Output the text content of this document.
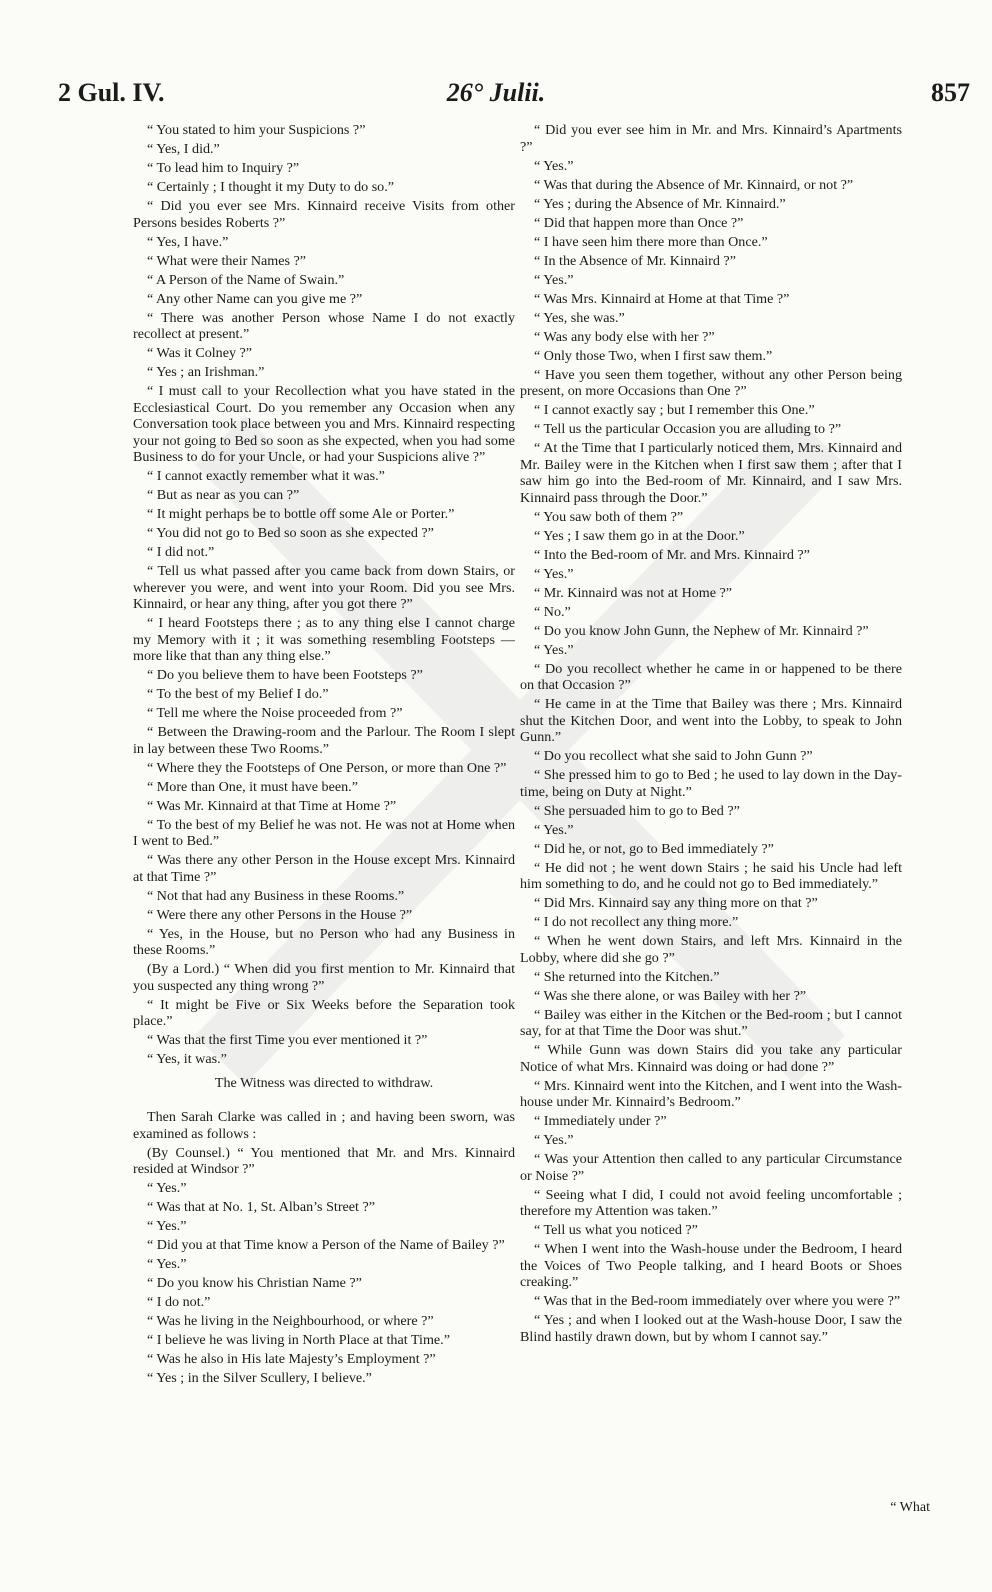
2 Gul. IV.	26° Julii.	857

“ You stated to him your Suspicions ?”

“ Yes, I did.”

“ To lead him to Inquiry ?”

“ Certainly ; I thought it my Duty to do so.”

“ Did you ever see Mrs. Kinnaird receive Visits from other Persons besides Roberts ?”

“ Yes, I have.”

“ What were their Names ?”

“ A Person of the Name of Swain.”

“ Any other Name can you give me ?”

“ There was another Person whose Name I do not exactly recollect at present.”

“ Was it Colney ?”

“ Yes ; an Irishman.”

“ I must call to your Recollection what you have stated in the Ecclesiastical Court. Do you remember any Occasion when any Conversation took place between you and Mrs. Kinnaird respecting your not going to Bed so soon as she expected, when you had some Business to do for your Uncle, or had your Suspicions alive ?”

“ I cannot exactly remember what it was.”

“ But as near as you can ?”

“ It might perhaps be to bottle off some Ale or Porter.”

“ You did not go to Bed so soon as she expected ?”

“ I did not.”

“ Tell us what passed after you came back from down Stairs, or wherever you were, and went into your Room. Did you see Mrs. Kinnaird, or hear any thing, after you got there ?”

“ I heard Footsteps there ; as to any thing else I cannot charge my Memory with it ; it was something resembling Footsteps — more like that than any thing else.”

“ Do you believe them to have been Footsteps ?”

“ To the best of my Belief I do.”

“ Tell me where the Noise proceeded from ?”

“ Between the Drawing-room and the Parlour. The Room I slept in lay between these Two Rooms.”

“ Where they the Footsteps of One Person, or more than One ?”

“ More than One, it must have been.”

“ Was Mr. Kinnaird at that Time at Home ?”

“ To the best of my Belief he was not. He was not at Home when I went to Bed.”

“ Was there any other Person in the House except Mrs. Kinnaird at that Time ?”

“ Not that had any Business in these Rooms.”

“ Were there any other Persons in the House ?”

“ Yes, in the House, but no Person who had any Business in these Rooms.”

(By a Lord.) “ When did you first mention to Mr. Kinnaird that you suspected any thing wrong ?”

“ It might be Five or Six Weeks before the Separation took place.”

“ Was that the first Time you ever mentioned it ?”

“ Yes, it was.”

The Witness was directed to withdraw.

Then Sarah Clarke was called in ; and having been sworn, was examined as follows :

(By Counsel.) “ You mentioned that Mr. and Mrs. Kinnaird resided at Windsor ?”

“ Yes.”

“ Was that at No. 1, St. Alban’s Street ?”

“ Yes.”

“ Did you at that Time know a Person of the Name of Bailey ?”

“ Yes.”

“ Do you know his Christian Name ?”

“ I do not.”

“ Was he living in the Neighbourhood, or where ?”

“ I believe he was living in North Place at that Time.”

“ Was he also in His late Majesty’s Employment ?”

“ Yes ; in the Silver Scullery, I believe.”

“ Did you ever see him in Mr. and Mrs. Kinnaird’s Apartments ?”

“ Yes.”

“ Was that during the Absence of Mr. Kinnaird, or not ?”

“ Yes ; during the Absence of Mr. Kinnaird.”

“ Did that happen more than Once ?”

“ I have seen him there more than Once.”

“ In the Absence of Mr. Kinnaird ?”

“ Yes.”

“ Was Mrs. Kinnaird at Home at that Time ?”

“ Yes, she was.”

“ Was any body else with her ?”

“ Only those Two, when I first saw them.”

“ Have you seen them together, without any other Person being present, on more Occasions than One ?”

“ I cannot exactly say ; but I remember this One.”

“ Tell us the particular Occasion you are alluding to ?”

“ At the Time that I particularly noticed them, Mrs. Kinnaird and Mr. Bailey were in the Kitchen when I first saw them ; after that I saw him go into the Bed-room of Mr. Kinnaird, and I saw Mrs. Kinnaird pass through the Door.”

“ You saw both of them ?”

“ Yes ; I saw them go in at the Door.”

“ Into the Bed-room of Mr. and Mrs. Kinnaird ?”

“ Yes.”

“ Mr. Kinnaird was not at Home ?”

“ No.”

“ Do you know John Gunn, the Nephew of Mr. Kinnaird ?”

“ Yes.”

“ Do you recollect whether he came in or happened to be there on that Occasion ?”

“ He came in at the Time that Bailey was there ; Mrs. Kinnaird shut the Kitchen Door, and went into the Lobby, to speak to John Gunn.”

“ Do you recollect what she said to John Gunn ?”

“ She pressed him to go to Bed ; he used to lay down in the Day-time, being on Duty at Night.”

“ She persuaded him to go to Bed ?”

“ Yes.”

“ Did he, or not, go to Bed immediately ?”

“ He did not ; he went down Stairs ; he said his Uncle had left him something to do, and he could not go to Bed immediately.”

“ Did Mrs. Kinnaird say any thing more on that ?”

“ I do not recollect any thing more.”

“ When he went down Stairs, and left Mrs. Kinnaird in the Lobby, where did she go ?”

“ She returned into the Kitchen.”

“ Was she there alone, or was Bailey with her ?”

“ Bailey was either in the Kitchen or the Bed-room ; but I cannot say, for at that Time the Door was shut.”

“ While Gunn was down Stairs did you take any particular Notice of what Mrs. Kinnaird was doing or had done ?”

“ Mrs. Kinnaird went into the Kitchen, and I went into the Wash-house under Mr. Kinnaird’s Bedroom.”

“ Immediately under ?”

“ Yes.”

“ Was your Attention then called to any particular Circumstance or Noise ?”

“ Seeing what I did, I could not avoid feeling uncomfortable ; therefore my Attention was taken.”

“ Tell us what you noticed ?”

“ When I went into the Wash-house under the Bedroom, I heard the Voices of Two People talking, and I heard Boots or Shoes creaking.”

“ Was that in the Bed-room immediately over where you were ?”

“ Yes ; and when I looked out at the Wash-house Door, I saw the Blind hastily drawn down, but by whom I cannot say.”

“ What
